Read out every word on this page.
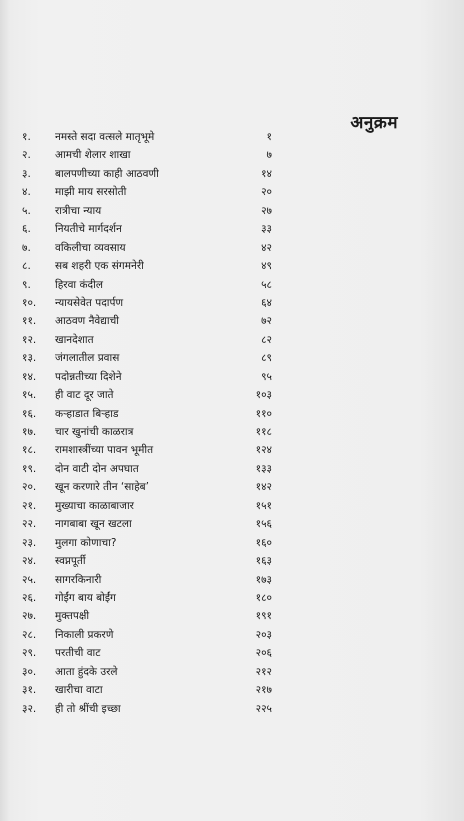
अनुक्रम
१. नमस्ते सदा वत्सले मातृभूमे	१
२. आमची शेलार शाखा	७
३. बालपणीच्या काही आठवणी	१४
४. माझी माय सरसोती	२०
५. रात्रीचा न्याय	२७
६. नियतीचे मार्गदर्शन	३३
७. वकिलीचा व्यवसाय	४२
८. सब शहरी एक संगमनेरी	४९
९. हिरवा कंदील	५८
१०. न्यायसेवेत पदार्पण	६४
११. आठवण नैवेद्याची	७२
१२. खानदेशात	८२
१३. जंगलातील प्रवास	८९
१४. पदोन्नतीच्या दिशेने	९५
१५. ही वाट दूर जाते	१०३
१६. कऱ्हाडात बिऱ्हाड	११०
१७. चार खुनांची काळरात्र	११८
१८. रामशास्त्रींच्या पावन भूमीत	१२४
१९. दोन वाटी दोन अपघात	१३३
२०. खून करणारे तीन ‘साहेब’	१४२
२१. मुख्याचा काळाबाजार	१५१
२२. नागबाबा खून खटला	१५६
२३. मुलगा कोणाचा?	१६०
२४. स्वप्नपूर्ती	१६३
२५. सागरकिनारी	१७३
२६. गोईंग बाय बोईंग	१८०
२७. मुक्तपक्षी	१९१
२८. निकाली प्रकरणे	२०३
२९. परतीची वाट	२०६
३०. आता हुंदके उरले	२१२
३१. खारीचा वाटा	२१७
३२. ही तो श्रींची इच्छा	२२५
